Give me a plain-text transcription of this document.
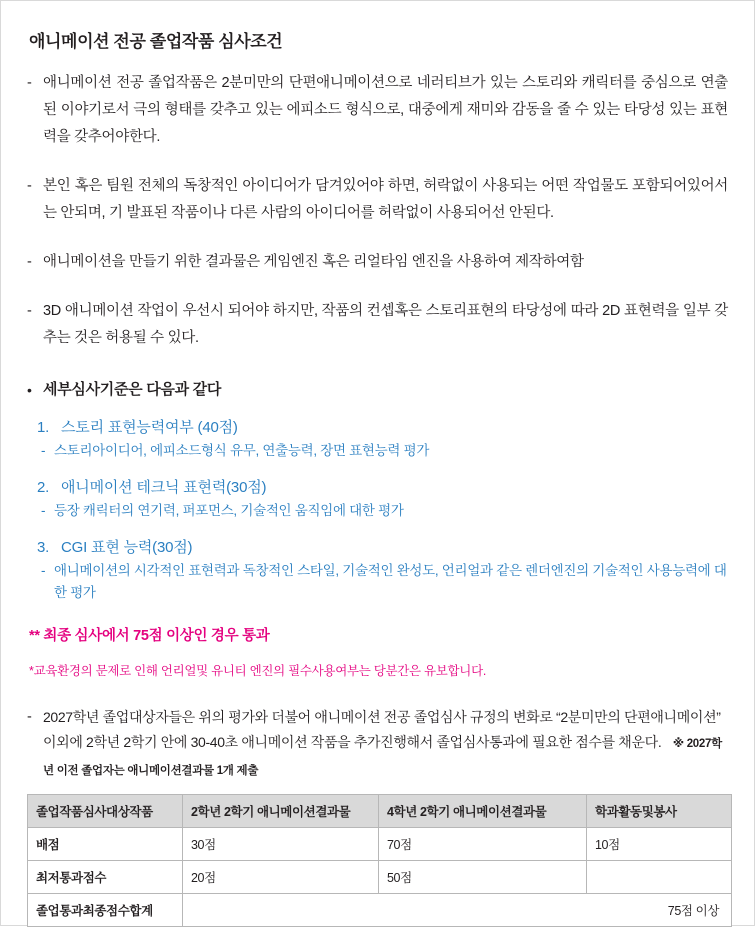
애니메이션 전공 졸업작품 심사조건
- 애니메이션 전공 졸업작품은 2분미만의 단편애니메이션으로 네러티브가 있는 스토리와 캐릭터를 중심으로 연출된 이야기로서 극의 형태를 갖추고 있는 에피소드 형식으로, 대중에게 재미와 감동을 줄 수 있는 타당성 있는 표현력을 갖추어야한다.
- 본인 혹은 팀원 전체의 독창적인 아이디어가 담겨있어야 하면, 허락없이 사용되는 어떤 작업물도 포함되어있어서는 안되며, 기 발표된 작품이나 다른 사람의 아이디어를 허락없이 사용되어선 안된다.
- 애니메이션을 만들기 위한 결과물은 게임엔진 혹은 리얼타임 엔진을 사용하여 제작하여함
- 3D 애니메이션 작업이 우선시 되어야 하지만, 작품의 컨셉혹은 스토리표현의 타당성에 따라 2D 표현력을 일부 갖추는 것은 허용될 수 있다.
• 세부심사기준은 다음과 같다
1. 스토리 표현능력여부 (40점)
- 스토리아이디어, 에피소드형식 유무, 연출능력, 장면 표현능력 평가
2. 애니메이션 테크닉 표현력(30점)
- 등장 캐릭터의 연기력, 퍼포먼스, 기술적인 움직임에 대한 평가
3. CGI 표현 능력(30점)
- 애니메이션의 시각적인 표현력과 독창적인 스타일, 기술적인 완성도, 언리얼과 같은 렌더엔진의 기술적인 사용능력에 대한 평가
** 최종 심사에서 75점 이상인 경우 통과
*교육환경의 문제로 인해 언리얼및 유니티 엔진의 필수사용여부는 당분간은 유보합니다.
- 2027학년 졸업대상자들은 위의 평가와 더불어 애니메이션 전공 졸업심사 규정의 변화로 “2분미만의 단편애니메이션” 이외에 2학년 2학기 안에 30-40초 애니메이션 작품을 추가진행해서 졸업심사통과에 필요한 점수를 채운다. ※ 2027학년 이전 졸업자는 애니메이션결과물 1개 제출
졸업작품심사대상작품	2학년 2학기 애니메이션결과물	4학년 2학기 애니메이션결과물	학과활동및봉사
배점	30점	70점	10점
최저통과점수	20점	50점	
졸업통과최종점수합계	75점 이상		
